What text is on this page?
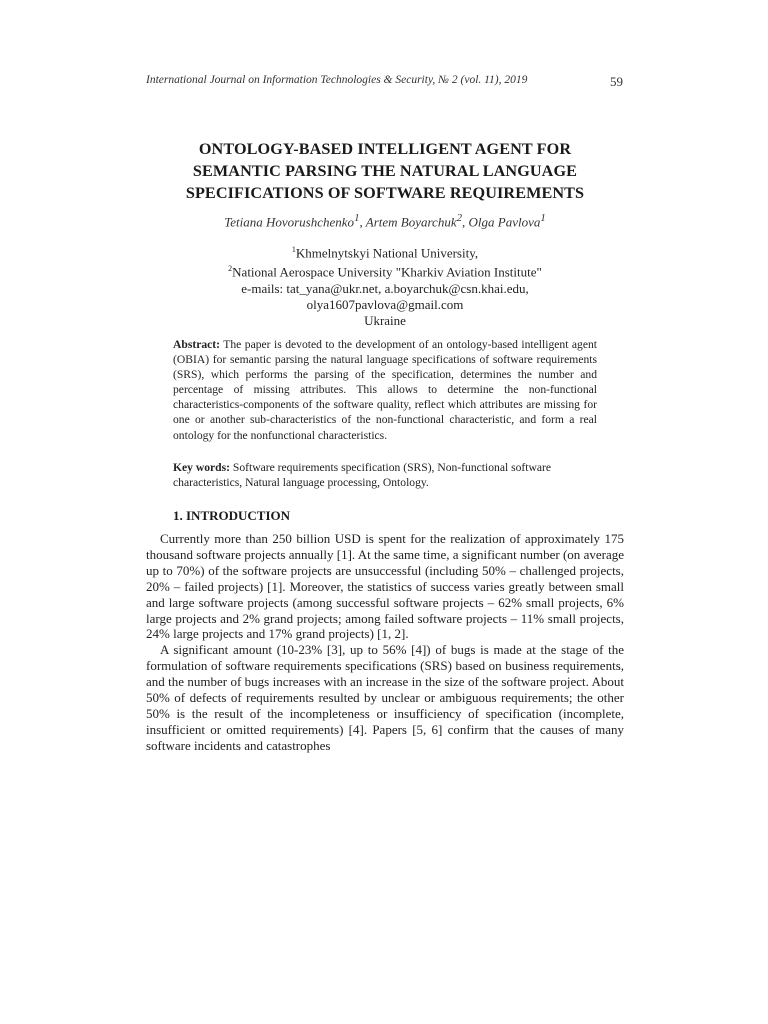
International Journal on Information Technologies & Security, № 2 (vol. 11), 2019	59
ONTOLOGY-BASED INTELLIGENT AGENT FOR
SEMANTIC PARSING THE NATURAL LANGUAGE
SPECIFICATIONS OF SOFTWARE REQUIREMENTS
Tetiana Hovorushchenko$^1$, Artem Boyarchuk$^2$, Olga Pavlova$^1$
$^1$Khmelnytskyi National University,
$^2$National Aerospace University "Kharkiv Aviation Institute"
e-mails: tat_yana@ukr.net, a.boyarchuk@csn.khai.edu,
olya1607pavlova@gmail.com
Ukraine
Abstract: The paper is devoted to the development of an ontology-based intelligent agent (OBIA) for semantic parsing the natural language specifications of software requirements (SRS), which performs the parsing of the specification, determines the number and percentage of missing attributes. This allows to determine the non-functional characteristics-components of the software quality, reflect which attributes are missing for one or another sub-characteristics of the non-functional characteristic, and form a real ontology for the nonfunctional characteristics.
Key words: Software requirements specification (SRS), Non-functional software characteristics, Natural language processing, Ontology.
1. INTRODUCTION

Currently more than 250 billion USD is spent for the realization of approximately 175 thousand software projects annually [1]. At the same time, a significant number (on average up to 70%) of the software projects are unsuccessful (including 50% – challenged projects, 20% – failed projects) [1]. Moreover, the statistics of success varies greatly between small and large software projects (among successful software projects – 62% small projects, 6% large projects and 2% grand projects; among failed software projects – 11% small projects, 24% large projects and 17% grand projects) [1, 2].

A significant amount (10-23% [3], up to 56% [4]) of bugs is made at the stage of the formulation of software requirements specifications (SRS) based on business requirements, and the number of bugs increases with an increase in the size of the software project. About 50% of defects of requirements resulted by unclear or ambiguous requirements; the other 50% is the result of the incompleteness or insufficiency of specification (incomplete, insufficient or omitted requirements) [4]. Papers [5, 6] confirm that the causes of many software incidents and catastrophes
